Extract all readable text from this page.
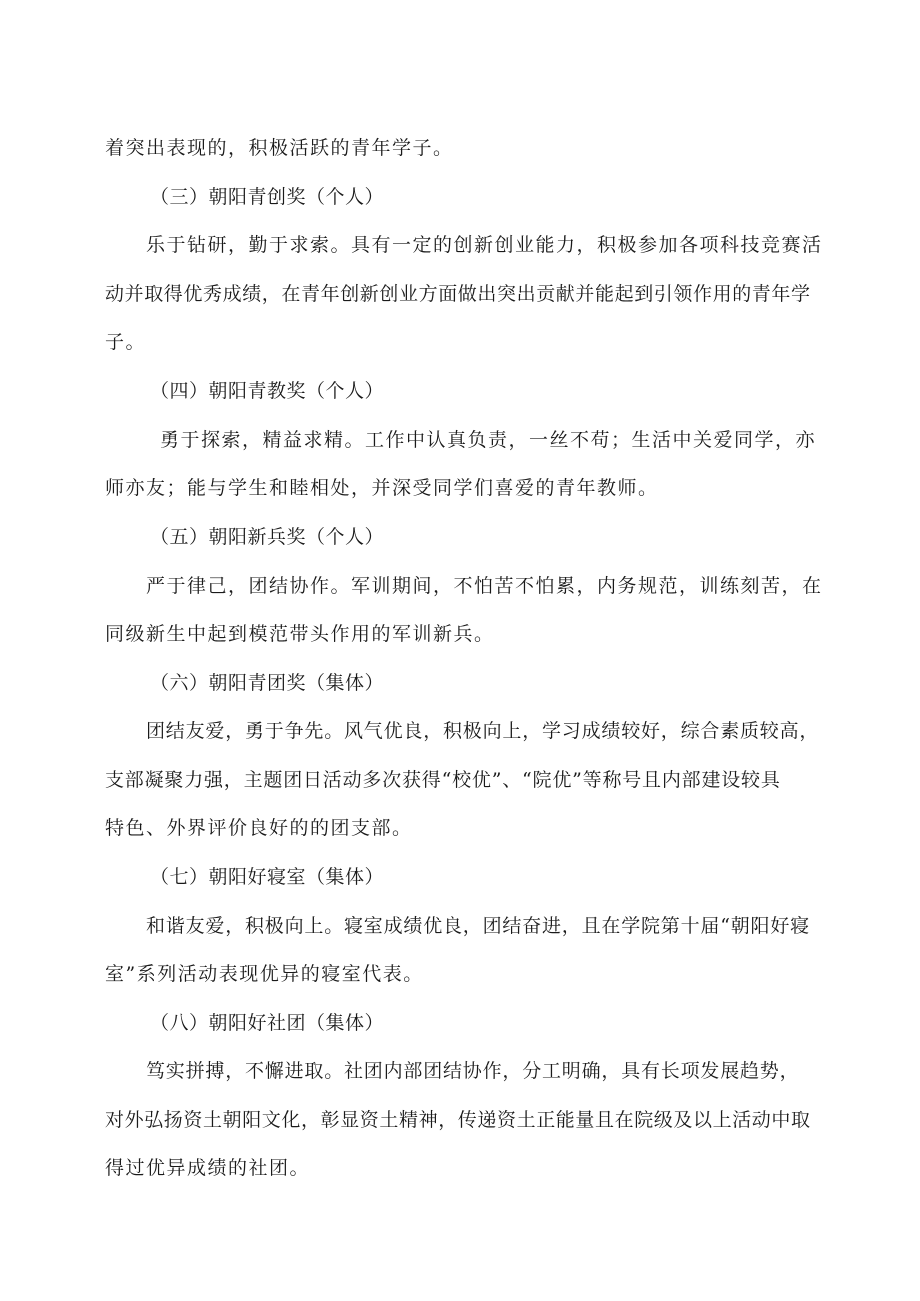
着突出表现的，积极活跃的青年学子。
（三）朝阳青创奖（个人）
乐于钻研，勤于求索。具有一定的创新创业能力，积极参加各项科技竞赛活
动并取得优秀成绩，在青年创新创业方面做出突出贡献并能起到引领作用的青年学
子。
（四）朝阳青教奖（个人）
勇于探索，精益求精。工作中认真负责，一丝不苟；生活中关爱同学，亦
师亦友；能与学生和睦相处，并深受同学们喜爱的青年教师。
（五）朝阳新兵奖（个人）
严于律己，团结协作。军训期间，不怕苦不怕累，内务规范，训练刻苦，在
同级新生中起到模范带头作用的军训新兵。
（六）朝阳青团奖（集体）
团结友爱，勇于争先。风气优良，积极向上，学习成绩较好，综合素质较高，
支部凝聚力强，主题团日活动多次获得“校优”、“院优”等称号且内部建设较具
特色、外界评价良好的的团支部。
（七）朝阳好寝室（集体）
和谐友爱，积极向上。寝室成绩优良，团结奋进，且在学院第十届“朝阳好寝
室”系列活动表现优异的寝室代表。
（八）朝阳好社团（集体）
笃实拼搏，不懈进取。社团内部团结协作，分工明确，具有长项发展趋势，
对外弘扬资土朝阳文化，彰显资土精神，传递资土正能量且在院级及以上活动中取
得过优异成绩的社团。
